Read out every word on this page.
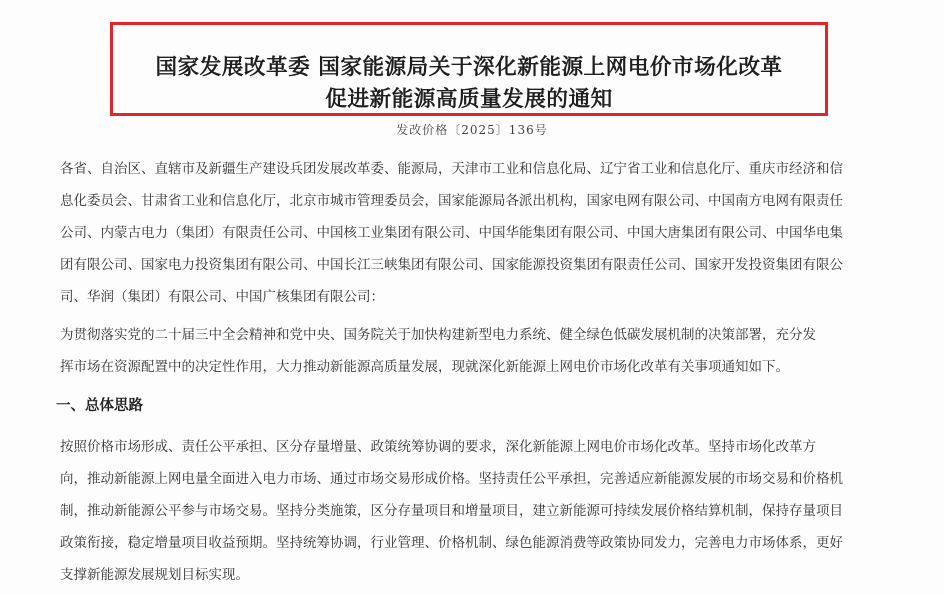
国家发展改革委 国家能源局关于深化新能源上网电价市场化改革
促进新能源高质量发展的通知
发改价格〔2025〕136号
各省、自治区、直辖市及新疆生产建设兵团发展改革委、能源局，天津市工业和信息化局、辽宁省工业和信息化厅、重庆市经济和信
息化委员会、甘肃省工业和信息化厅，北京市城市管理委员会，国家能源局各派出机构，国家电网有限公司、中国南方电网有限责任
公司、内蒙古电力（集团）有限责任公司、中国核工业集团有限公司、中国华能集团有限公司、中国大唐集团有限公司、中国华电集
团有限公司、国家电力投资集团有限公司、中国长江三峡集团有限公司、国家能源投资集团有限责任公司、国家开发投资集团有限公
司、华润（集团）有限公司、中国广核集团有限公司：
为贯彻落实党的二十届三中全会精神和党中央、国务院关于加快构建新型电力系统、健全绿色低碳发展机制的决策部署，充分发
挥市场在资源配置中的决定性作用，大力推动新能源高质量发展，现就深化新能源上网电价市场化改革有关事项通知如下。
一、总体思路
按照价格市场形成、责任公平承担、区分存量增量、政策统筹协调的要求，深化新能源上网电价市场化改革。坚持市场化改革方
向，推动新能源上网电量全面进入电力市场、通过市场交易形成价格。坚持责任公平承担，完善适应新能源发展的市场交易和价格机
制，推动新能源公平参与市场交易。坚持分类施策，区分存量项目和增量项目，建立新能源可持续发展价格结算机制，保持存量项目
政策衔接，稳定增量项目收益预期。坚持统筹协调，行业管理、价格机制、绿色能源消费等政策协同发力，完善电力市场体系，更好
支撑新能源发展规划目标实现。
